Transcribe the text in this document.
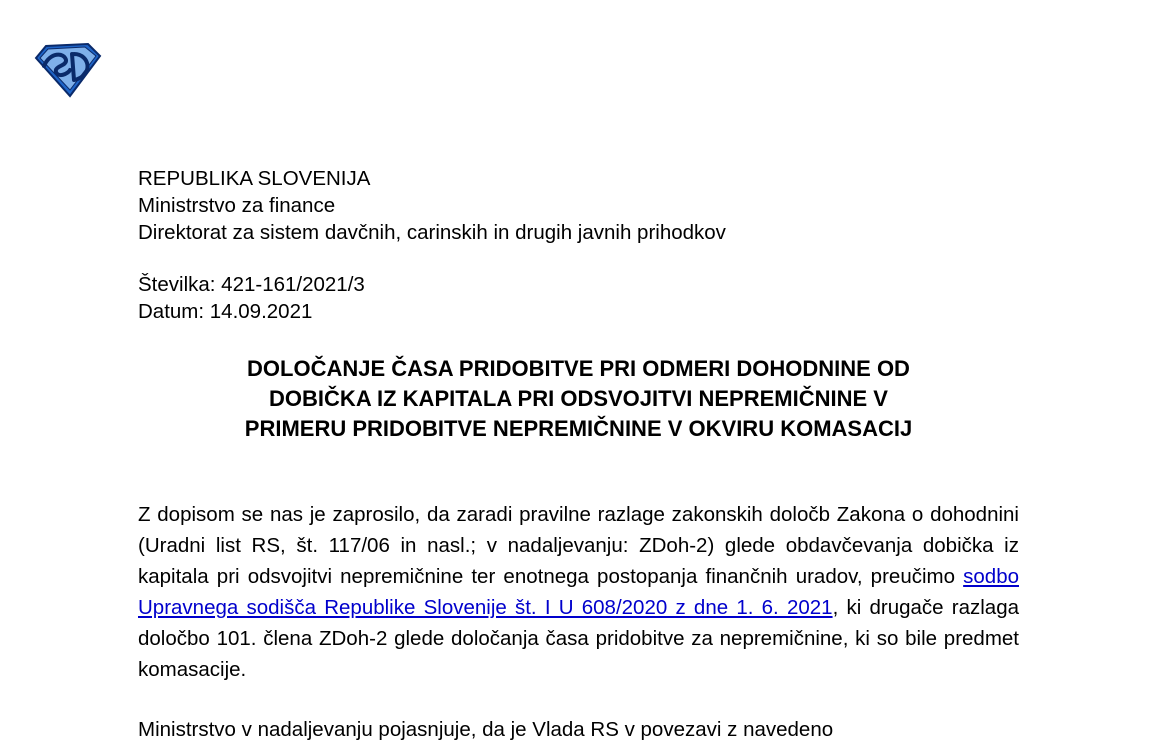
REPUBLIKA SLOVENIJA
Ministrstvo za finance
Direktorat za sistem davčnih, carinskih in drugih javnih prihodkov
Številka: 421-161/2021/3
Datum: 14.09.2021
DOLOČANJE ČASA PRIDOBITVE PRI ODMERI DOHODNINE OD
DOBIČKA IZ KAPITALA PRI ODSVOJITVI NEPREMIČNINE V
PRIMERU PRIDOBITVE NEPREMIČNINE V OKVIRU KOMASACIJ

Z dopisom se nas je zaprosilo, da zaradi pravilne razlage zakonskih določb Zakona o dohodnini (Uradni list RS, št. 117/06 in nasl.; v nadaljevanju: ZDoh-2) glede obdavčevanja dobička iz kapitala pri odsvojitvi nepremičnine ter enotnega postopanja finančnih uradov, preučimo sodbo Upravnega sodišča Republike Slovenije št. I U 608/2020 z dne 1. 6. 2021, ki drugače razlaga določbo 101. člena ZDoh-2 glede določanja časa pridobitve za nepremičnine, ki so bile predmet komasacije.

Ministrstvo v nadaljevanju pojasnjuje, da je Vlada RS v povezavi z navedeno
